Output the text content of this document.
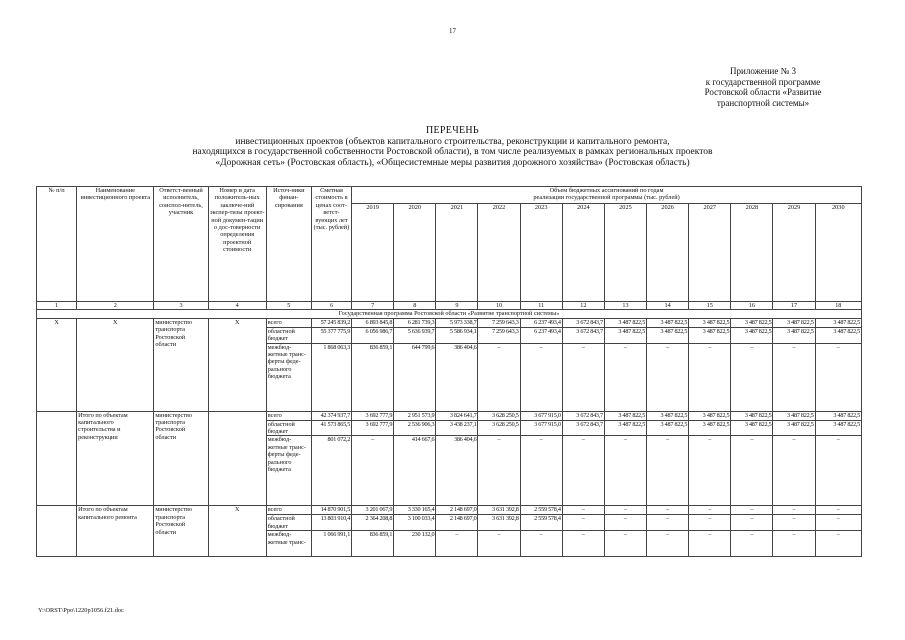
17
Приложение № 3
к государственной программе
Ростовской области «Развитие
транспортной системы»
ПЕРЕЧЕНЬ
инвестиционных проектов (объектов капитального строительства, реконструкции и капитального ремонта,
находящихся в государственной собственности Ростовской области), в том числе реализуемых в рамках региональных проектов
«Дорожная сеть» (Ростовская область), «Общесистемные меры развития дорожного хозяйства» (Ростовская область)
№ п/п	Наименование инвестиционного проекта	Ответст-венный исполнитель, соиспол-нитель, участник	Номер и дата положитель-ных заключе-ний экспер-тизы проект-ной докумен-тации о дос-товерности определения проектной стоимости	Источ-ники финан-сирования	Сметная стоимость в ценах соот-ветст-вующих лет (тыс. рублей)	Объем бюджетных ассигнований по годам
реализации государственной программы (тыс. рублей)											

						2019	2020	2021	2022	2023	2024	2025	2026	2027	2028	2029	2030
1	2	3	4	5	6	7	8	9	10	11	12	13	14	15	16	17	18
Государственная программа Ростовской области «Развитие транспортной системы»																	
Х	Х	министерство транспорта Ростовской области	Х	всего	57 245 839,2	6 893 845,8	6 281 739,3	5 973 338,7	7 259 643,3	6 237 493,4	3 672 843,7	3 487 822,5	3 487 822,5	3 487 822,5	3 487 822,5	3 487 822,5	3 487 822,5
				областной бюджет	55 377 775,9	6 056 986,7	5 636 939,7	5 586 934,1	7 259 643,3	6 237 493,4	3 672 843,7	3 487 822,5	3 487 822,5	3 487 822,5	3 487 822,5	3 487 822,5	3 487 822,5
				межбюд-жетные транс-ферты феде-рального бюджета	1 868 063,3	836 859,1	644 799,6	386 404,6	–	–	–	–	–	–	–	–	–
	Итого по объектам капитального строительства и реконструкции	министерство транспорта Ростовской области		всего	42 374 937,7	3 692 777,9	2 951 573,9	3 824 641,7	3 628 250,5	3 677 915,0	3 672 843,7	3 487 822,5	3 487 822,5	3 487 822,5	3 487 822,5	3 487 822,5	3 487 822,5
				областной бюджет	41 573 865,5	3 692 777,9	2 536 906,3	3 438 237,1	3 628 250,5	3 677 915,0	3 672 843,7	3 487 822,5	3 487 822,5	3 487 822,5	3 487 822,5	3 487 822,5	3 487 822,5
				межбюд-жетные транс-ферты феде-рального бюджета	801 072,2	–	414 667,6	386 404,6	–	–	–	–	–	–	–	–	–
	Итого по объектам капитального ремонта	министерство транспорта Ростовской области	Х	всего	14 870 901,5	3 201 067,9	3 330 165,4	2 148 697,0	3 631 392,8	2 559 578,4	–	–	–	–	–	–	–
				областной бюджет	13 803 910,4	2 364 208,8	3 100 033,4	2 148 697,0	3 631 392,8	2 559 578,4	–	–	–	–	–	–	–
				межбюд-жетные транс-	1 066 991,1	836 859,1	230 132,0	–	–	–	–	–	–	–	–	–	–
Y:\ORST\Ppo\1220p1056.f21.doc
